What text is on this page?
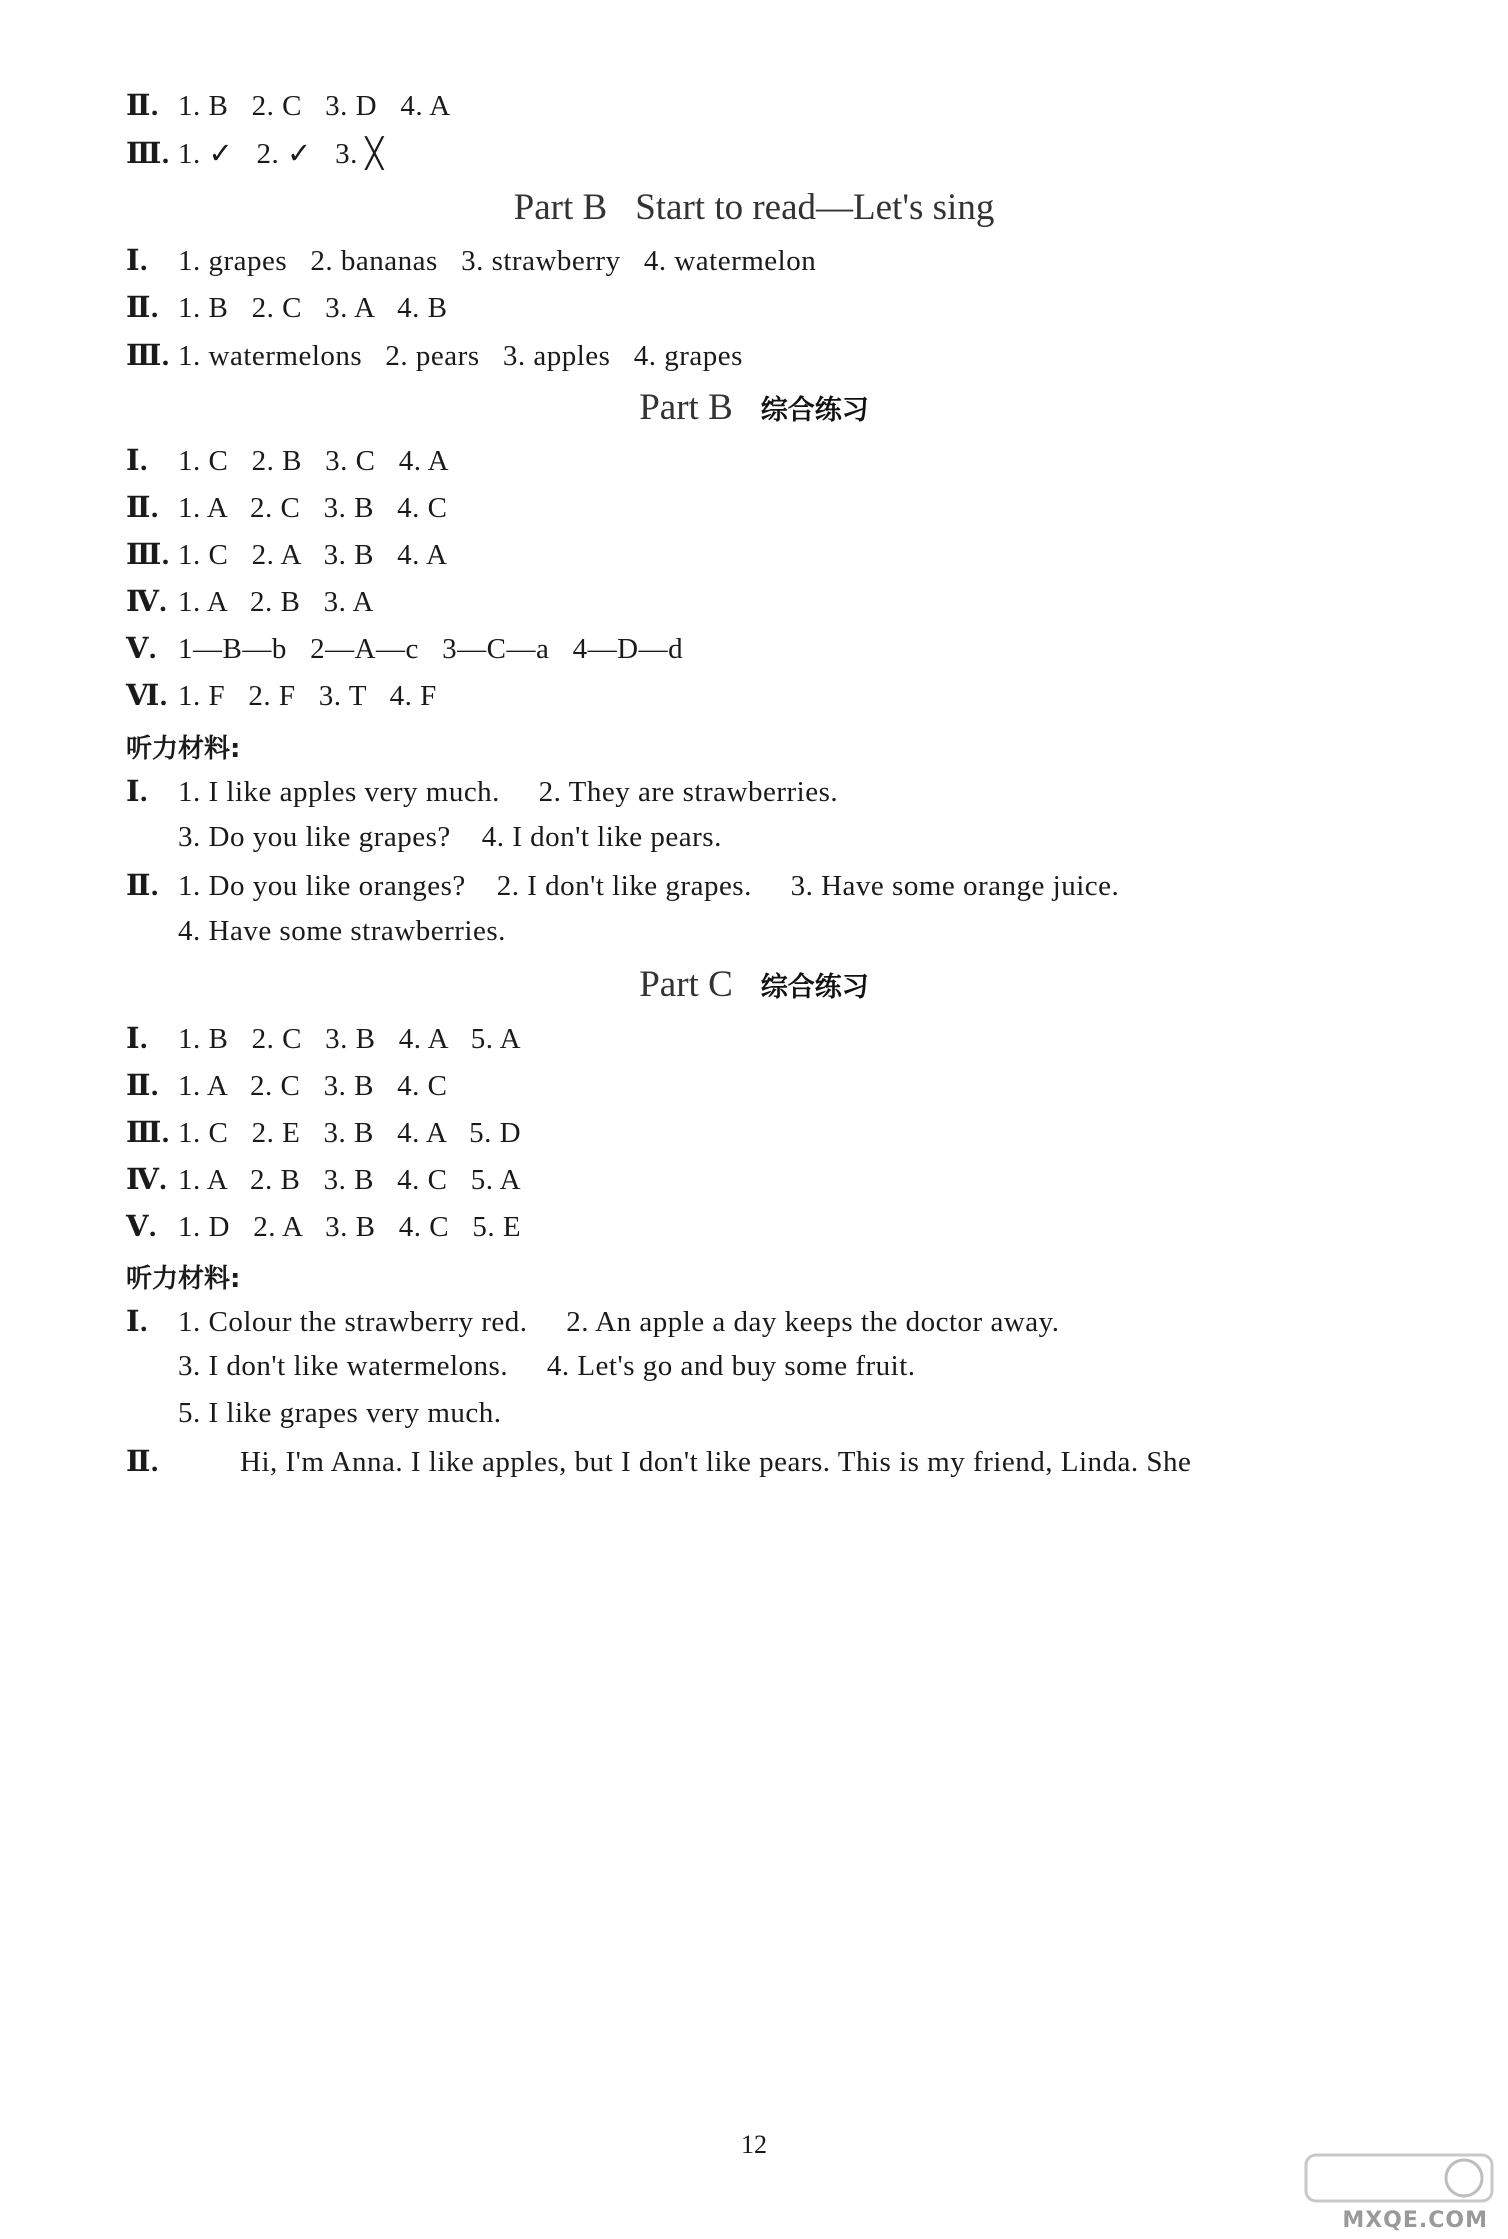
Ⅱ. 1. B   2. C   3. D   4. A
Ⅲ. 1. ✓   2. ✓   3. ╳
Part B Start to read—Let's sing
Ⅰ. 1. grapes   2. bananas   3. strawberry   4. watermelon
Ⅱ. 1. B   2. C   3. A   4. B
Ⅲ. 1. watermelons   2. pears   3. apples   4. grapes
Part B 综合练习
Ⅰ. 1. C   2. B   3. C   4. A
Ⅱ. 1. A   2. C   3. B   4. C
Ⅲ. 1. C   2. A   3. B   4. A
Ⅳ. 1. A   2. B   3. A
Ⅴ. 1—B—b   2—A—c   3—C—a   4—D—d
Ⅵ. 1. F   2. F   3. T   4. F
听力材料:
Ⅰ. 1. I like apples very much.     2. They are strawberries.
3. Do you like grapes?    4. I don't like pears.
Ⅱ. 1. Do you like oranges?    2. I don't like grapes.     3. Have some orange juice.
4. Have some strawberries.
Part C 综合练习
Ⅰ. 1. B   2. C   3. B   4. A   5. A
Ⅱ. 1. A   2. C   3. B   4. C
Ⅲ. 1. C   2. E   3. B   4. A   5. D
Ⅳ. 1. A   2. B   3. B   4. C   5. A
Ⅴ. 1. D   2. A   3. B   4. C   5. E
听力材料:
Ⅰ. 1. Colour the strawberry red.     2. An apple a day keeps the doctor away.
3. I don't like watermelons.     4. Let's go and buy some fruit.
5. I like grapes very much.
Ⅱ.        Hi, I'm Anna. I like apples, but I don't like pears. This is my friend, Linda. She
12
MXQE.COM
